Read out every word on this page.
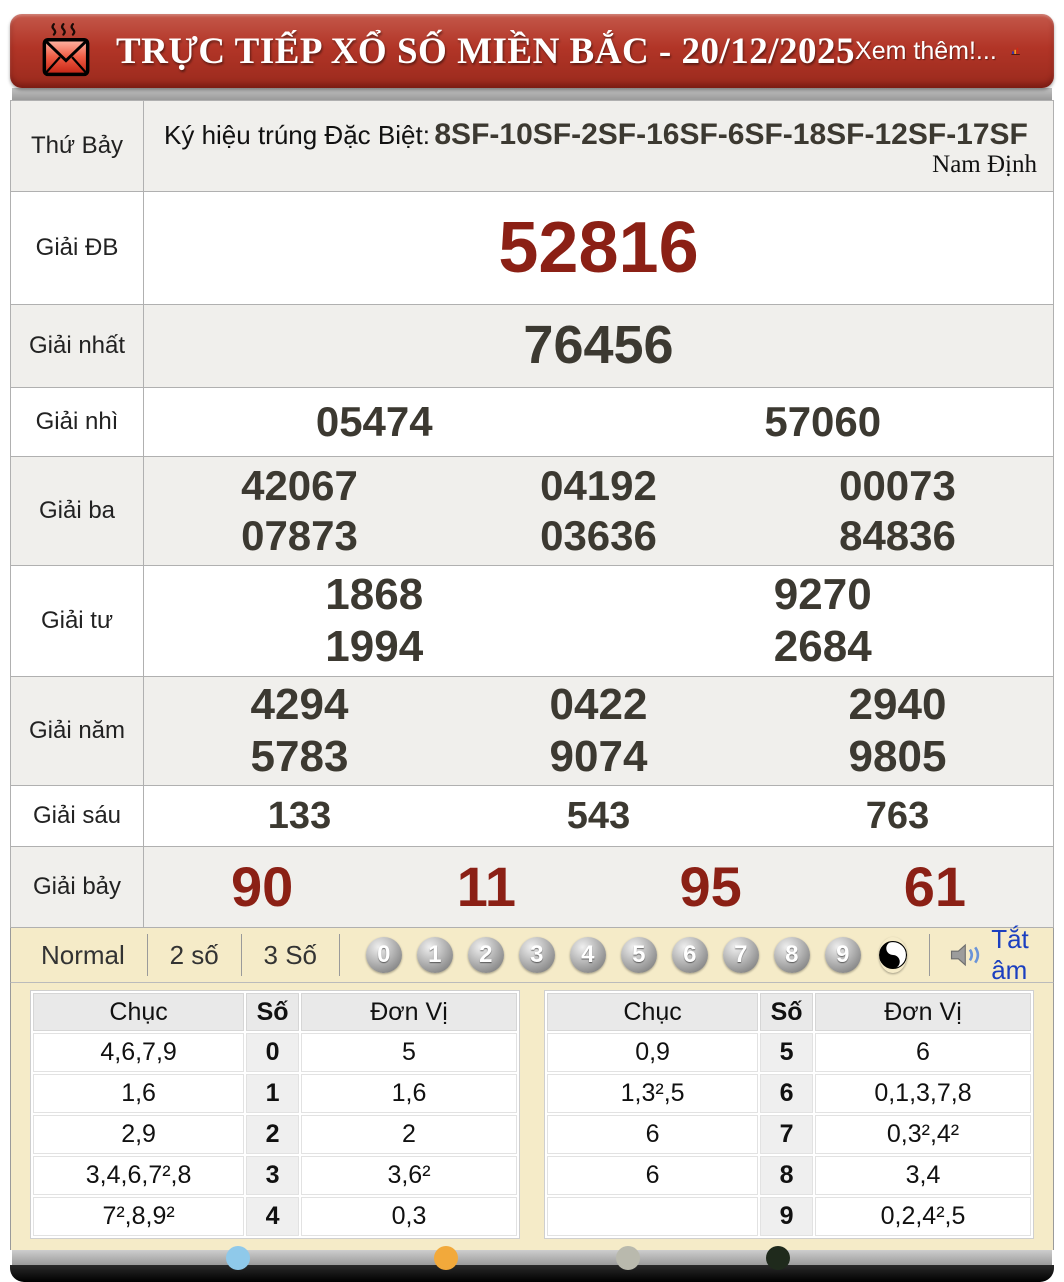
TRỰC TIẾP XỔ SỐ MIỀN BẮC - 20/12/2025 Xem thêm!...
Thứ Bảy	Ký hiệu trúng Đặc Biệt: 8SF-10SF-2SF-16SF-6SF-18SF-12SF-17SF
Nam Định

Giải ĐB	52816

Giải nhất	76456

Giải nhì	05474 57060

Giải ba	
42067	04192	00073
07873	03636	84836

Giải tư	1868 9270
1994 2684

Giải năm	
4294	0422	2940
5783	9074	9805

Giải sáu	133 543 763

Giải bảy	90 11 95 61
Normal	2 số	3 Số	0	1	2	3	4	5	6	7	8	9
Tắt âm
Chục	Số	Đơn Vị
4,6,7,9	0	5
1,6	1	1,6
2,9	2	2
3,4,6,7²,8	3	3,6²
7²,8,9²	4	0,3
Chục	Số	Đơn Vị
0,9	5	6
1,3²,5	6	0,1,3,7,8
6	7	0,3²,4²
6	8	3,4
	9	0,2,4²,5
